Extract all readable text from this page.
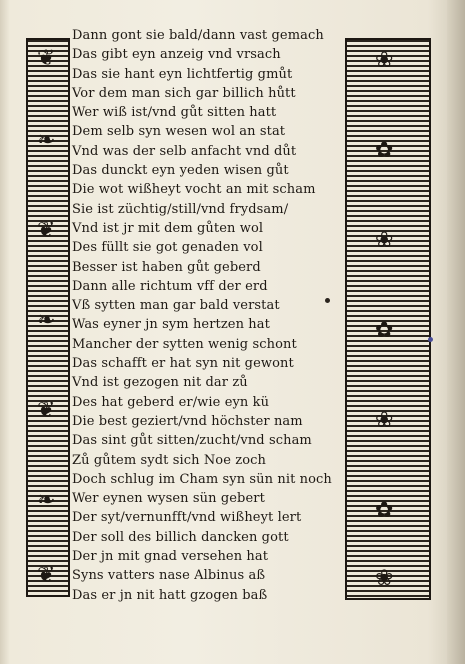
❦
❧
❦
❧
❦
❧
❦
Dann gont sie bald/dann vast gemach
Das gibt eyn anzeig vnd vrsach
Das sie hant eyn lichtfertig gmůt
Vor dem man sich gar billich hůtt
Wer wiß ist/vnd gůt sitten hatt
Dem selb syn wesen wol an stat
Vnd was der selb anfacht vnd důt
Das dunckt eyn yeden wisen gůt
Die wot wißheyt vocht an mit scham
Sie ist züchtig/still/vnd frydsam/
Vnd ist jr mit dem gůten wol
Des füllt sie got genaden vol
Besser ist haben gůt geberd
Dann alle richtum vff der erd
Vß sytten man gar bald verstat
Was eyner jn sym hertzen hat
Mancher der sytten wenig schont
Das schafft er hat syn nit gewont
Vnd ist gezogen nit dar zů
Des hat geberd er/wie eyn kü
Die best geziert/vnd höchster nam
Das sint gůt sitten/zucht/vnd scham
Zů gůtem sydt sich Noe zoch
Doch schlug im Cham syn sün nit noch
Wer eynen wysen sün gebert
Der syt/vernunfft/vnd wißheyt lert
Der soll des billich dancken gott
Der jn mit gnad versehen hat
Syns vatters nase Albinus aß
Das er jn nit hatt gzogen baß
❀
✿
❀
✿
❀
✿
❀
